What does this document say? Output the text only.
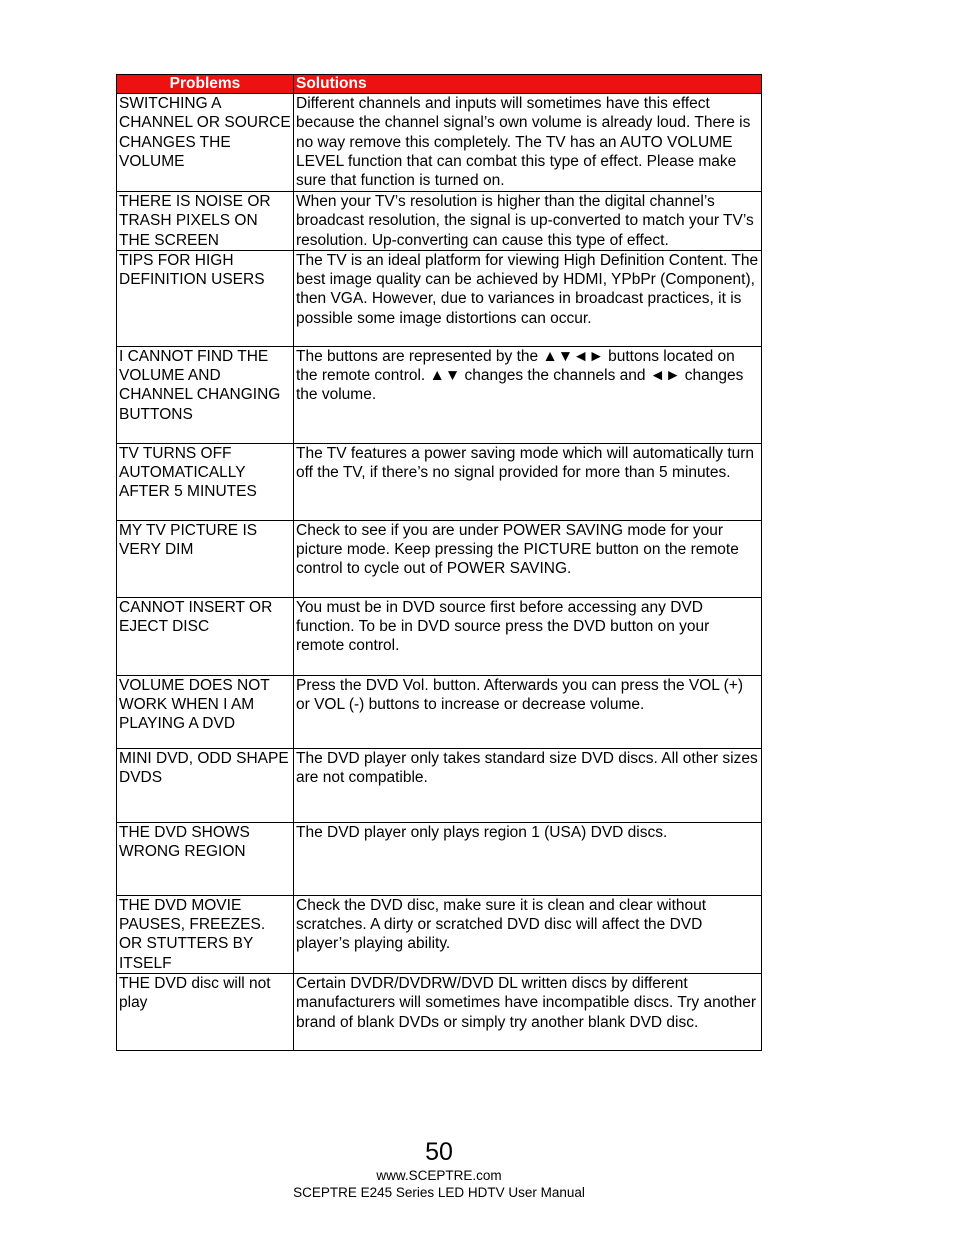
Problems	Solutions
SWITCHING A CHANNEL OR SOURCE CHANGES THE VOLUME	Different channels and inputs will sometimes have this effect because the channel signal’s own volume is already loud. There is no way remove this completely. The TV has an AUTO VOLUME LEVEL function that can combat this type of effect. Please make sure that function is turned on.
THERE IS NOISE OR TRASH PIXELS ON THE SCREEN	When your TV’s resolution is higher than the digital channel’s broadcast resolution, the signal is up-converted to match your TV’s resolution. Up-converting can cause this type of effect.
TIPS FOR HIGH DEFINITION USERS	The TV is an ideal platform for viewing High Definition Content. The best image quality can be achieved by HDMI, YPbPr (Component), then VGA. However, due to variances in broadcast practices, it is possible some image distortions can occur.
I CANNOT FIND THE VOLUME AND CHANNEL CHANGING BUTTONS	The buttons are represented by the ▲▼◄► buttons located on the remote control. ▲▼ changes the channels and ◄► changes the volume.
TV TURNS OFF AUTOMATICALLY AFTER 5 MINUTES	The TV features a power saving mode which will automatically turn off the TV, if there’s no signal provided for more than 5 minutes.
MY TV PICTURE IS VERY DIM	Check to see if you are under POWER SAVING mode for your picture mode. Keep pressing the PICTURE button on the remote control to cycle out of POWER SAVING.
CANNOT INSERT OR EJECT DISC	You must be in DVD source first before accessing any DVD function. To be in DVD source press the DVD button on your remote control.
VOLUME DOES NOT WORK WHEN I AM PLAYING A DVD	Press the DVD Vol. button. Afterwards you can press the VOL (+) or VOL (-) buttons to increase or decrease volume.
MINI DVD, ODD SHAPE DVDS	The DVD player only takes standard size DVD discs. All other sizes are not compatible.
THE DVD SHOWS WRONG REGION	The DVD player only plays region 1 (USA) DVD discs.
THE DVD MOVIE PAUSES, FREEZES. OR STUTTERS BY ITSELF	Check the DVD disc, make sure it is clean and clear without scratches. A dirty or scratched DVD disc will affect the DVD player’s playing ability.
THE DVD disc will not play	Certain DVDR/DVDRW/DVD DL written discs by different manufacturers will sometimes have incompatible discs. Try another brand of blank DVDs or simply try another blank DVD disc.
50
www.SCEPTRE.com
SCEPTRE E245 Series LED HDTV User Manual
